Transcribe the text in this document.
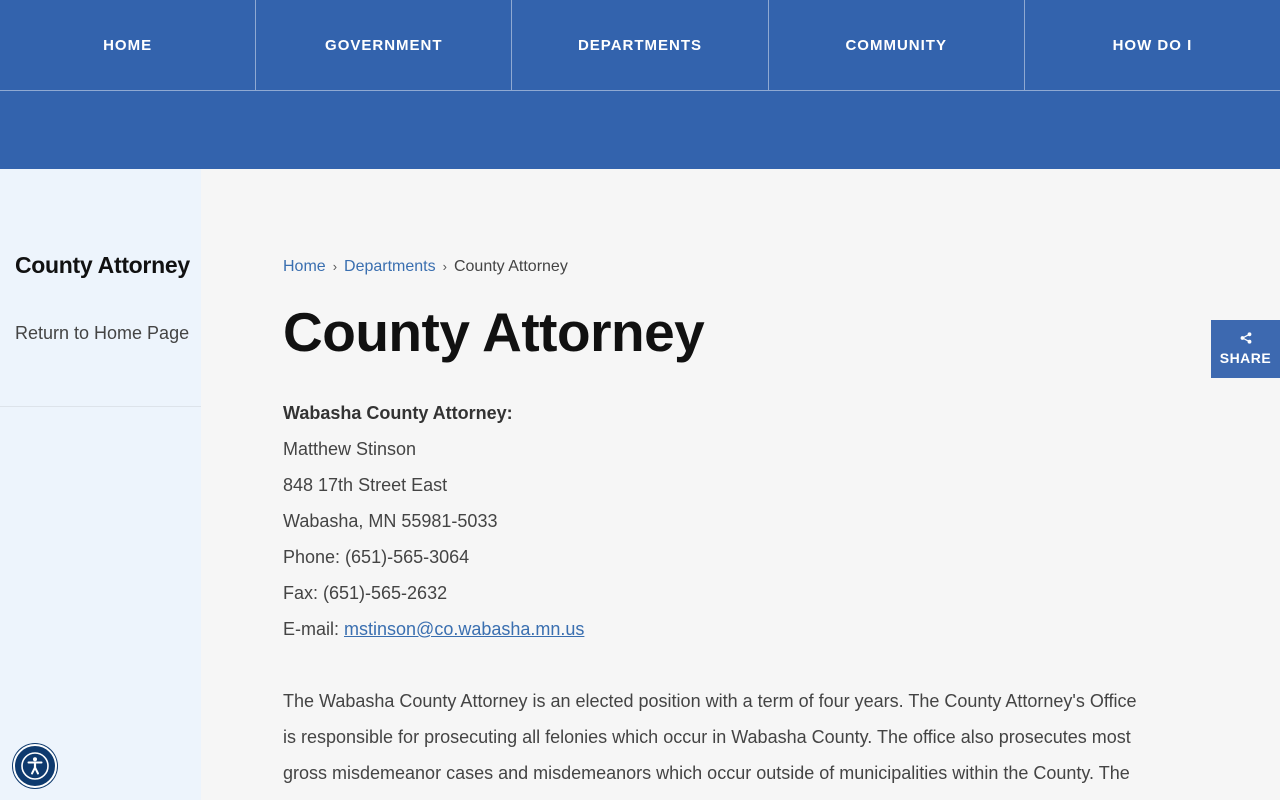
HOME	GOVERNMENT	DEPARTMENTS	COMMUNITY	HOW DO I
County Attorney
Return to Home Page
Home › Departments › County Attorney
County Attorney
Wabasha County Attorney:
Matthew Stinson
848 17th Street East
Wabasha, MN 55981-5033
Phone: (651)-565-3064
Fax: (651)-565-2632
E-mail: mstinson@co.wabasha.mn.us

The Wabasha County Attorney is an elected position with a term of four years. The County Attorney's Office is responsible for prosecuting all felonies which occur in Wabasha County. The office also prosecutes most gross misdemeanor cases and misdemeanors which occur outside of municipalities within the County. The

SHARE
